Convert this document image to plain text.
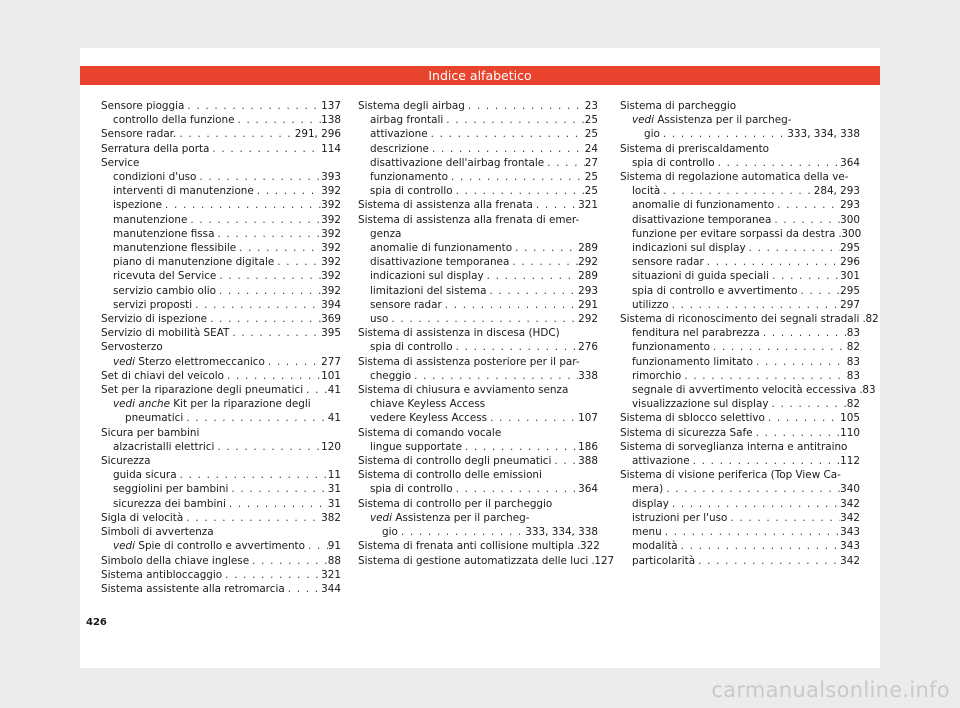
Indice alfabetico
Sensore pioggia . . .	137
controllo della funzione . . .	138
Sensore radar. . . .	291, 296
Serratura della porta . . .	114
Service
condizioni d'uso . . .	393
interventi di manutenzione . . .	392
ispezione . . .	392
manutenzione . . .	392
manutenzione fissa . . .	392
manutenzione flessibile . . .	392
piano di manutenzione digitale . . .	392
ricevuta del Service . . .	392
servizio cambio olio . . .	392
servizi proposti . . .	394
Servizio di ispezione . . .	369
Servizio di mobilità SEAT . . .	395
Servosterzo
vedi Sterzo elettromeccanico . . .	277
Set di chiavi del veicolo . . .	101
Set per la riparazione degli pneumatici . . . 41
vedi anche Kit per la riparazione degli
pneumatici . . .	41
Sicura per bambini
alzacristalli elettrici . . .	120
Sicurezza
guida sicura . . .	11
seggiolini per bambini . . .	31
sicurezza dei bambini . . .	31
Sigla di velocità . . .	382
Simboli di avvertenza
vedi Spie di controllo e avvertimento . . . 91
Simbolo della chiave inglese . . .	88
Sistema antibloccaggio . . .	321
Sistema assistente alla retromarcia . . .	344
Sistema degli airbag . . .	23
airbag frontali . . .	25
attivazione . . .	25
descrizione . . .	24
disattivazione dell'airbag frontale . . .	27
funzionamento . . .	25
spia di controllo . . .	25
Sistema di assistenza alla frenata . . .	321
Sistema di assistenza alla frenata di emer-
genza
anomalie di funzionamento . . .	289
disattivazione temporanea . . .	292
indicazioni sul display . . .	289
limitazioni del sistema . . .	293
sensore radar . . .	291
uso . . .	292
Sistema di assistenza in discesa (HDC)
spia di controllo . . .	276
Sistema di assistenza posteriore per il par-
cheggio . . .	338
Sistema di chiusura e avviamento senza
chiave Keyless Access
vedere Keyless Access . . .	107
Sistema di comando vocale
lingue supportate . . .	186
Sistema di controllo degli pneumatici . . .	388
Sistema di controllo delle emissioni
spia di controllo . . .	364
Sistema di controllo per il parcheggio
vedi Assistenza per il parcheg-
gio . . .	333, 334, 338
Sistema di frenata anti collisione multipla . . . 322
Sistema di gestione automatizzata delle luci . . . 127
Sistema di parcheggio
vedi Assistenza per il parcheg-
gio . . .	333, 334, 338
Sistema di preriscaldamento
spia di controllo . . .	364
Sistema di regolazione automatica della ve-
locità . . .	284, 293
anomalie di funzionamento . . .	293
disattivazione temporanea . . .	300
funzione per evitare sorpassi da destra . . . 300
indicazioni sul display . . .	295
sensore radar . . .	296
situazioni di guida speciali . . .	301
spia di controllo e avvertimento . . .	295
utilizzo . . .	297
Sistema di riconoscimento dei segnali stradali . . . 82
fenditura nel parabrezza . . .	83
funzionamento . . .	82
funzionamento limitato . . .	83
rimorchio . . .	83
segnale di avvertimento velocità eccessiva . . . 83
visualizzazione sul display . . .	82
Sistema di sblocco selettivo . . .	105
Sistema di sicurezza Safe . . .	110
Sistema di sorveglianza interna e antitraino
attivazione . . .	112
Sistema di visione periferica (Top View Ca-
mera) . . .	340
display . . .	342
istruzioni per l'uso . . .	342
menu . . .	343
modalità . . .	343
particolarità . . .	342
426
carmanualsonline.info
